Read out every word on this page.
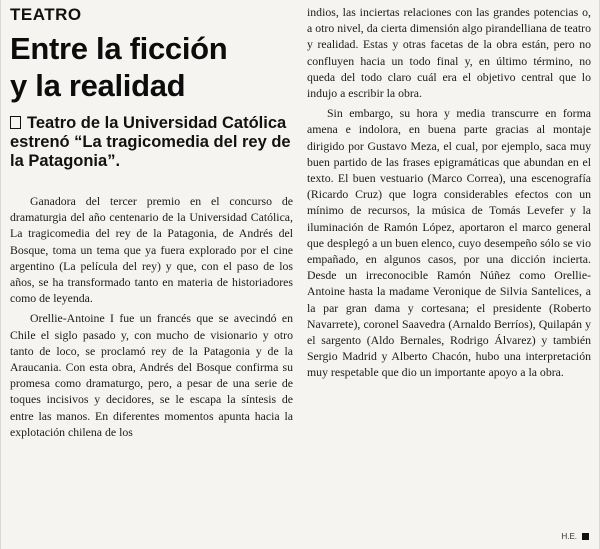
TEATRO
Entre la ficción
y la realidad
Teatro de la Universidad Católica estrenó “La tragicomedia del rey de la Patagonia”.

Ganadora del tercer premio en el concurso de dramaturgia del año centenario de la Universidad Católica, La tragicomedia del rey de la Patagonia, de Andrés del Bosque, toma un tema que ya fuera explorado por el cine argentino (La película del rey) y que, con el paso de los años, se ha transformado tanto en materia de historiadores como de leyenda.

Orellie-Antoine I fue un francés que se avecindó en Chile el siglo pasado y, con mucho de visionario y otro tanto de loco, se proclamó rey de la Patagonia y de la Araucania. Con esta obra, Andrés del Bosque confirma su promesa como dramaturgo, pero, a pesar de una serie de toques incisivos y decidores, se le escapa la síntesis de entre las manos. En diferentes momentos apunta hacia la explotación chilena de los

indios, las inciertas relaciones con las grandes potencias o, a otro nivel, da cierta dimensión algo pirandelliana de teatro y realidad. Estas y otras facetas de la obra están, pero no confluyen hacia un todo final y, en último término, no queda del todo claro cuál era el objetivo central que lo indujo a escribir la obra.

Sin embargo, su hora y media transcurre en forma amena e indolora, en buena parte gracias al montaje dirigido por Gustavo Meza, el cual, por ejemplo, saca muy buen partido de las frases epigramáticas que abundan en el texto. El buen vestuario (Marco Correa), una escenografía (Ricardo Cruz) que logra considerables efectos con un mínimo de recursos, la música de Tomás Levefer y la iluminación de Ramón López, aportaron el marco general que desplegó a un buen elenco, cuyo desempeño sólo se vio empañado, en algunos casos, por una dicción incierta. Desde un irreconocible Ramón Núñez como Orellie-Antoine hasta la madame Veronique de Silvia Santelices, a la par gran dama y cortesana; el presidente (Roberto Navarrete), coronel Saavedra (Arnaldo Berríos), Quilapán y el sargento (Aldo Bernales, Rodrigo Álvarez) y también Sergio Madrid y Alberto Chacón, hubo una interpretación muy respetable que dio un importante apoyo a la obra.

H.E.
